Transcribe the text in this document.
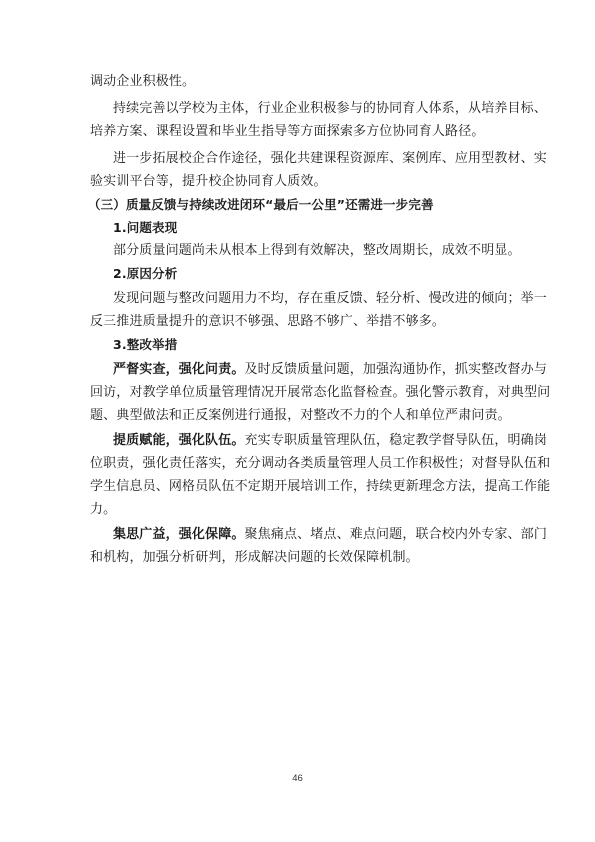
调动企业积极性。
持续完善以学校为主体，行业企业积极参与的协同育人体系，从培养目标、
培养方案、课程设置和毕业生指导等方面探索多方位协同育人路径。
进一步拓展校企合作途径，强化共建课程资源库、案例库、应用型教材、实
验实训平台等，提升校企协同育人质效。
（三）质量反馈与持续改进闭环“最后一公里”还需进一步完善
1.问题表现
部分质量问题尚未从根本上得到有效解决，整改周期长，成效不明显。
2.原因分析
发现问题与整改问题用力不均，存在重反馈、轻分析、慢改进的倾向；举一
反三推进质量提升的意识不够强、思路不够广、举措不够多。
3.整改举措
严督实查，强化问责。及时反馈质量问题，加强沟通协作，抓实整改督办与
回访，对教学单位质量管理情况开展常态化监督检查。强化警示教育，对典型问
题、典型做法和正反案例进行通报，对整改不力的个人和单位严肃问责。
提质赋能，强化队伍。充实专职质量管理队伍，稳定教学督导队伍，明确岗
位职责，强化责任落实，充分调动各类质量管理人员工作积极性；对督导队伍和
学生信息员、网格员队伍不定期开展培训工作，持续更新理念方法，提高工作能
力。
集思广益，强化保障。聚焦痛点、堵点、难点问题，联合校内外专家、部门
和机构，加强分析研判，形成解决问题的长效保障机制。
46
